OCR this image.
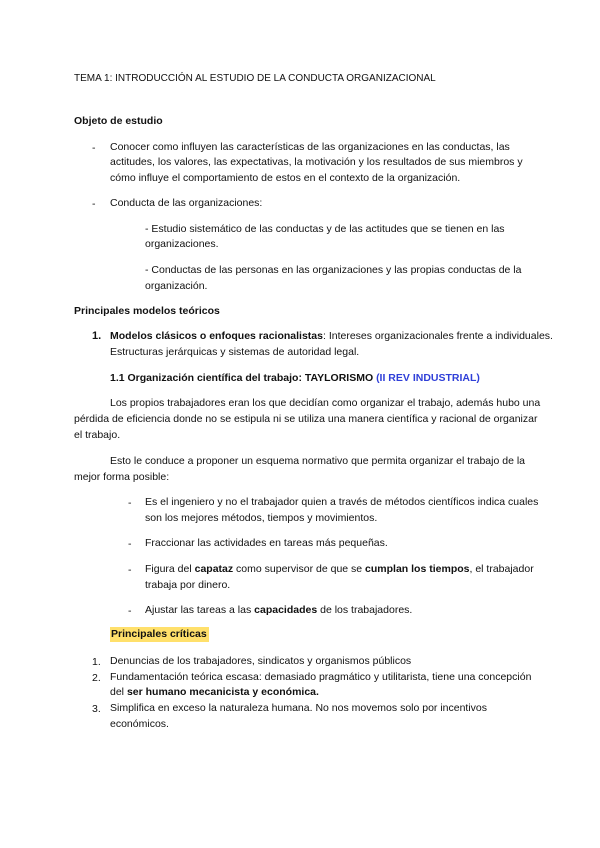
TEMA 1: INTRODUCCIÓN AL ESTUDIO DE LA CONDUCTA ORGANIZACIONAL
Objeto de estudio
- Conocer como influyen las características de las organizaciones en las conductas, las
actitudes, los valores, las expectativas, la motivación y los resultados de sus miembros y
cómo influye el comportamiento de estos en el contexto de la organización.
- Conducta de las organizaciones:
- Estudio sistemático de las conductas y de las actitudes que se tienen en las
organizaciones.
- Conductas de las personas en las organizaciones y las propias conductas de la
organización.
Principales modelos teóricos
1. Modelos clásicos o enfoques racionalistas: Intereses organizacionales frente a individuales.
Estructuras jerárquicas y sistemas de autoridad legal.
1.1 Organización científica del trabajo: TAYLORISMO (II REV INDUSTRIAL)
Los propios trabajadores eran los que decidían como organizar el trabajo, además hubo una
pérdida de eficiencia donde no se estipula ni se utiliza una manera científica y racional de organizar
el trabajo.
Esto le conduce a proponer un esquema normativo que permita organizar el trabajo de la
mejor forma posible:
- Es el ingeniero y no el trabajador quien a través de métodos científicos indica cuales
son los mejores métodos, tiempos y movimientos.
- Fraccionar las actividades en tareas más pequeñas.
- Figura del capataz como supervisor de que se cumplan los tiempos, el trabajador
trabaja por dinero.
- Ajustar las tareas a las capacidades de los trabajadores.
Principales críticas
1. Denuncias de los trabajadores, sindicatos y organismos públicos
2. Fundamentación teórica escasa: demasiado pragmático y utilitarista, tiene una concepción
del ser humano mecanicista y económica.
3. Simplifica en exceso la naturaleza humana. No nos movemos solo por incentivos
económicos.
